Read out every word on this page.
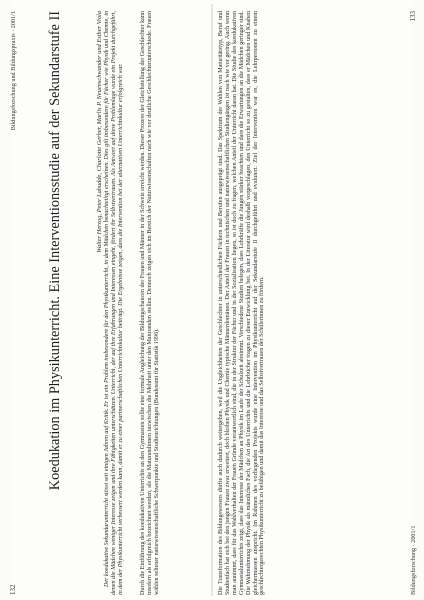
132
Bildungsforschung und Bildungspraxis · 2001/1 Koedukation im Physikunterricht. Eine Interventionsstudie auf der Sekundarstufe II	Walter Herzog, Peter Labudde, Charlotte Gerber, Marlis P. Neuenschwander und Esther Viola Der koedukative Sekundarunterricht stösst seit einigen Jahren auf Kritik. Er ist ein Problem insbesondere für den Physikunterricht, in dem Mädchen benachteiligt erscheinen. Dies gilt insbesondere für Fächer wie Physik und Chemie, in denen die Mädchen weniger Interesse zeigen und ihre Fähigkeiten unterschätzen. Unterricht, der auf ihre Erfahrungen und Interessen eingeht, fördert ihr Selbstvertrauen. Als Antwort auf diese Problemlage wurde ein Projekt durchgeführt, in dem der Physikunterricht verbessert werden kann, damit er zu einer partnerschaftlichen Unterrichtskultur beiträgt. Die Ergebnisse zeigen, dass die Intervention bei der alternativen Unterrichtskultur erfolgreich war.	Die Transformation des Bildungswesens dürfte auch dadurch weitergehen, weil die Ungleichheiten der Geschlechter in unterschiedlichen Fächern und Berufen ausgeprägt sind. Das Spektrum der Wahlen von Maturitätstyp, Beruf und Studienfach hat sich bei den jungen Frauen zwar erweitert, doch bleiben Physik und Chemie typische Männerdomänen. Der Anteil der Frauen in technischen und naturwissenschaftlichen Studiengängen ist nach wie vor gering. Auch wenn man annimmt, dass für das Wahlverhalten der Frauen Gründe verantwortlich sind, die in der Struktur der Fächer und in der Sozialisation liegen, so ist doch zu fragen, welchen Anteil der Unterricht daran hat. Die Studie des koedukativen Gymnasialunterrichts zeigt, dass das Interesse der Mädchen an Physik im Laufe der Schulzeit abnimmt. Verschiedene Studien belegen, dass Lehrkräfte die Jungen stärker beachten und dass die Erwartungen an die Mädchen geringer sind. Die Wahrnehmung der Physik als männliches Fach, die Art des Unterrichts und die Lehrbücher tragen zu dieser Entwicklung bei. In der Literatur wird deshalb vorgeschlagen, den Unterricht so zu gestalten, dass er Mädchen und Knaben gleichermassen anspricht. Im Rahmen des vorliegenden Projekts wurde eine Intervention im Physikunterricht auf der Sekundarstufe II durchgeführt und evaluiert. Ziel der Intervention war es, die Lehrpersonen zu einem geschlechtergerechten Physikunterricht zu befähigen und damit das Interesse und das Selbstvertrauen der Schülerinnen zu fördern.	Bildungsforschung · 2001/1
133

Durch die Einführung des koedukativen Unterrichts an den Gymnasien sollte eine formale Angleichung der Bildungschancen der Frauen und Männer in der Schweiz erreicht werden. Dieser Prozess der Gleichstellung der Geschlechter kann insofern als erfolgreich bezeichnet werden, als die Maturandinnen inzwischen die Mehrheit unter den Maturanden stellen. Dennoch zeigen sich im Bereich der Naturwissenschaften nach wie vor deutliche Geschlechterunterschiede. Frauen wählen seltener naturwissenschaftliche Schwerpunkte und Studienrichtungen (Bundesamt für Statistik 1996).
